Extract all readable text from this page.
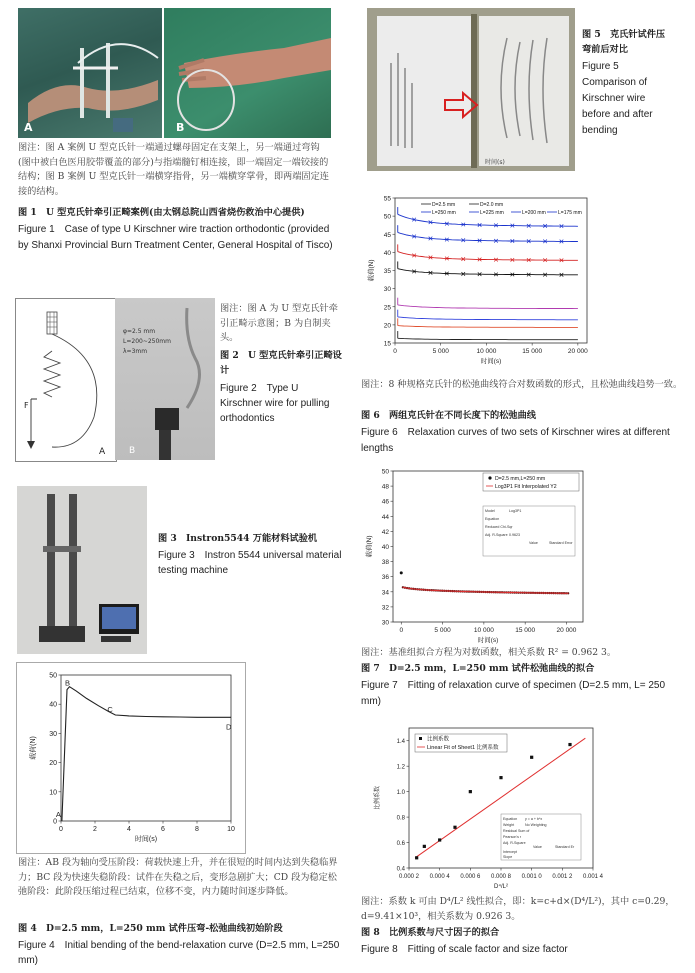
A	B
图注：图 A 案例 U 型克氏针一端通过螺母固定在支架上，另一端通过弯钩(图中被白色医用胶带覆盖的部分)与指端髓钉相连接，即一端固定一端铰接的结构；图 B 案例 U 型克氏针一端横穿指骨，另一端横穿掌骨，即两端固定连接的结构。
图 1　U 型克氏针牵引正畸案例(由太钢总院山西省烧伤救治中心提供)
Figure 1　Case of type U Kirschner wire traction orthodontic (provided by Shanxi Provincial Burn Treatment Center, General Hospital of Tisco)
F
A
φ=2.5 mm
L=200~250mm
λ=3mm
B
图注：图 A 为 U 型克氏针牵引正畸示意图；B 为自制夹头。
图 2　U 型克氏针牵引正畸设计
Figure 2　Type U Kirschner wire for pulling orthodontics
图 3　Instron5544 万能材料试验机
Figure 3　Instron 5544 universal material testing machine
0	2	4	6	8	10
0
10
20
30
40
50
时间(s)
载荷(N)
A
B
C
D
图注：AB 段为轴向受压阶段：荷载快速上升，并在很短的时间内达到失稳临界力；BC 段为快速失稳阶段：试件在失稳之后，变形急剧扩大；CD 段为稳定松弛阶段：此阶段压缩过程已结束，位移不变，内力随时间逐步降低。
图 4　D=2.5 mm，L=250 mm 试件压弯-松弛曲线初始阶段
Figure 4　Initial bending of the bend-relaxation curve (D=2.5 mm, L=250 mm)
时间(s)
图 5　克氏针试件压弯前后对比
Figure 5 Comparison of Kirschner wire before and after bending
0	5 000	10 000	15 000	20 000
15
20
25
30
35
40
45
50
55
时间(s)
载荷(N)
D=2.5 mm	D=2.0 mm
L=250 mm	L=225 mm	L=200 mm L=175 mm
图注：8 种规格克氏针的松弛曲线符合对数函数的形式，且松弛曲线趋势一致。
图 6　两组克氏针在不同长度下的松弛曲线
Figure 6　Relaxation curves of two sets of Kirschner wires at different lengths
0	5 000	10 000	15 000	20 000
30
32
34
36
38
40
42
44
46
48
50
时间(s)
载荷(N)
D=2.5 mm,L=250 mm
Log3P1 Fit Interpolated Y2
Model	Log3P1
Equation
Reduced Chi-Sqr
Adj. R-Square 0.9623
Value	Standard Error
图注：基准组拟合方程为对数函数，相关系数 R² = 0.962 3。
图 7　D=2.5 mm，L=250 mm 试件松弛曲线的拟合
Figure 7　Fitting of relaxation curve of specimen (D=2.5 mm, L= 250 mm)
0.000 2 0.000 4 0.000 6 0.000 8 0.001 0 0.001 2 0.001 4
0.4
0.6
0.8
1.0
1.2
1.4
D⁴/L²
比例系数
比例系数
Linear Fit of Sheet1 比例系数
Equation y = a + b*x
Weight	No Weighting
Residual Sum of
Pearson's r
Adj. R-Square
Value	Standard Er
Intercept
Slope
图注：系数 k 可由 D⁴/L² 线性拟合，即：k=c+d×(D⁴/L²)，其中 c=0.29，d=9.41×10³，相关系数为 0.926 3。
图 8　比例系数与尺寸因子的拟合
Figure 8　Fitting of scale factor and size factor
